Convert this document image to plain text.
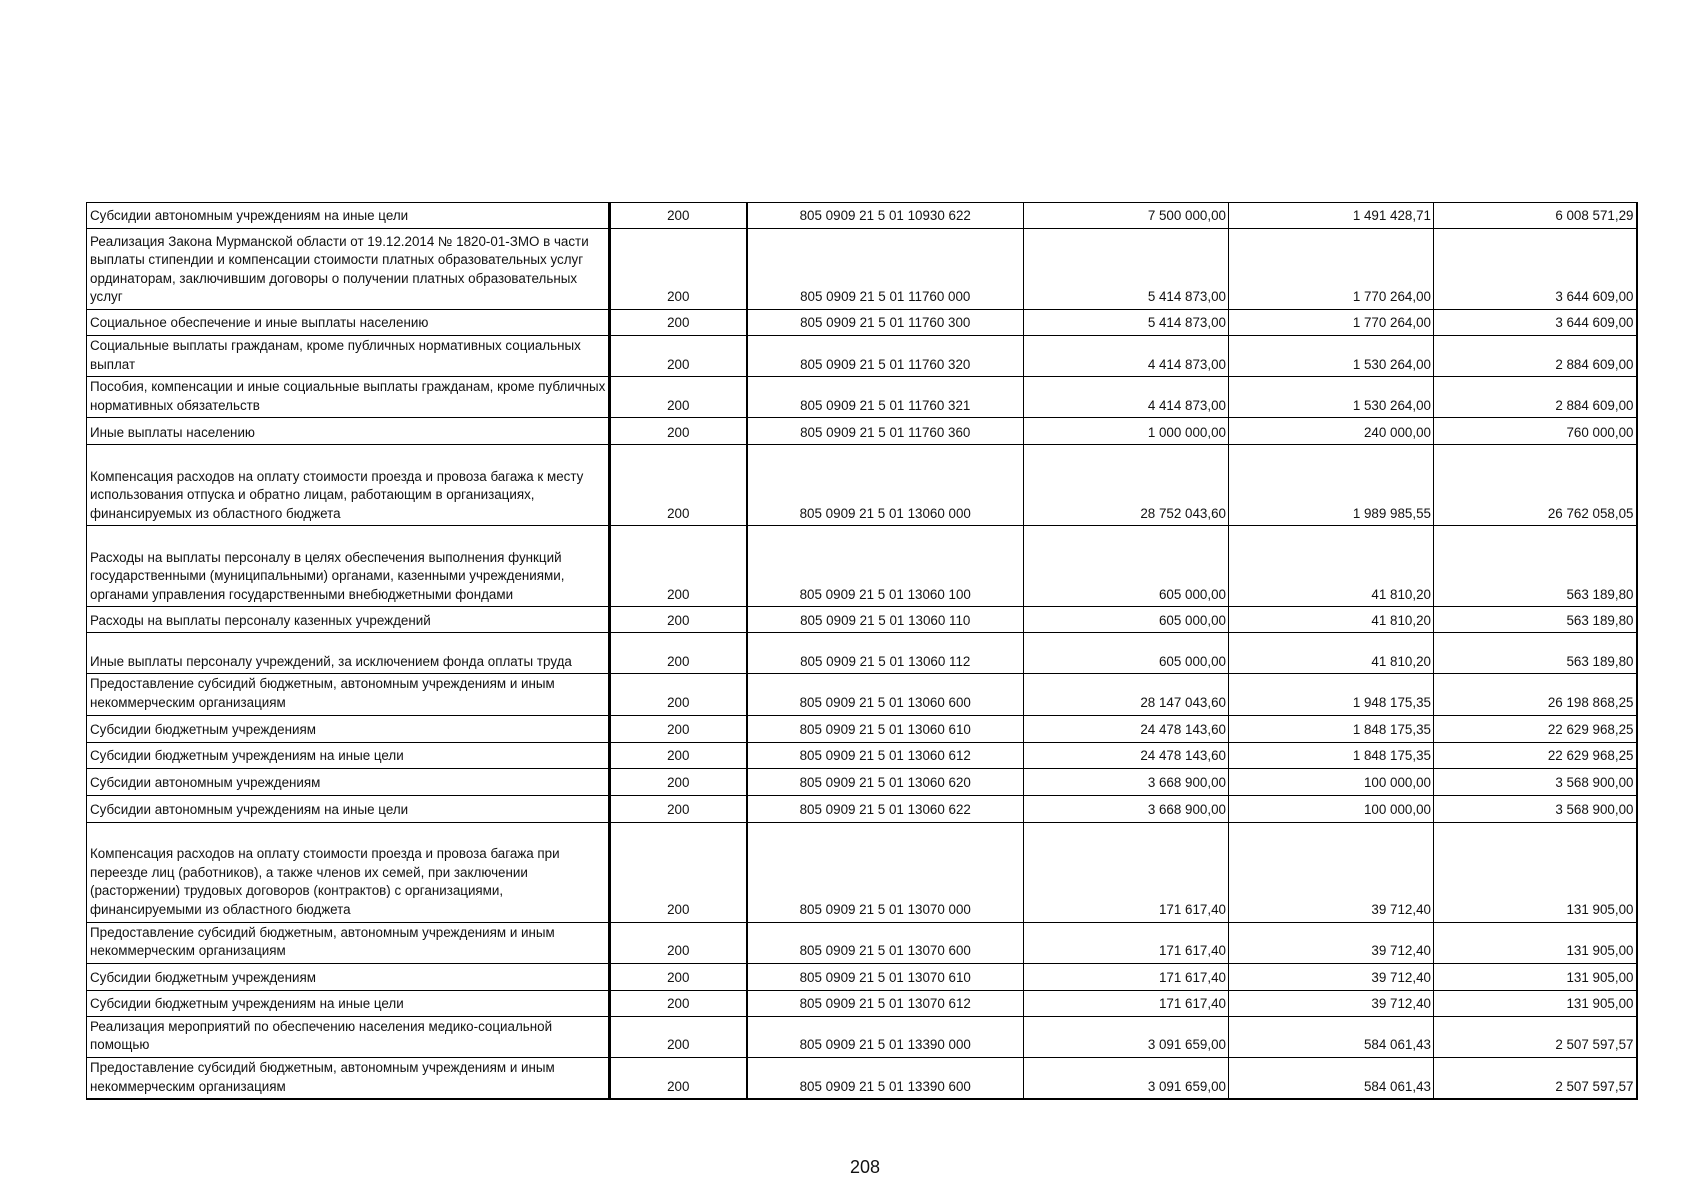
Субсидии автономным учреждениям на иные цели	200	805 0909 21 5 01 10930 622	7 500 000,00	1 491 428,71	6 008 571,29
Реализация Закона Мурманской области от 19.12.2014 № 1820-01-ЗМО в части выплаты стипендии и компенсации стоимости платных образовательных услуг ординаторам, заключившим договоры о получении платных образовательных услуг	200	805 0909 21 5 01 11760 000	5 414 873,00	1 770 264,00	3 644 609,00
Социальное обеспечение и иные выплаты населению	200	805 0909 21 5 01 11760 300	5 414 873,00	1 770 264,00	3 644 609,00
Социальные выплаты гражданам, кроме публичных нормативных социальных выплат	200	805 0909 21 5 01 11760 320	4 414 873,00	1 530 264,00	2 884 609,00
Пособия, компенсации и иные социальные выплаты гражданам, кроме публичных нормативных обязательств	200	805 0909 21 5 01 11760 321	4 414 873,00	1 530 264,00	2 884 609,00
Иные выплаты населению	200	805 0909 21 5 01 11760 360	1 000 000,00	240 000,00	760 000,00
Компенсация расходов на оплату стоимости проезда и провоза багажа к месту использования отпуска и обратно лицам, работающим в организациях, финансируемых из областного бюджета	200	805 0909 21 5 01 13060 000	28 752 043,60	1 989 985,55	26 762 058,05
Расходы на выплаты персоналу в целях обеспечения выполнения функций государственными (муниципальными) органами, казенными учреждениями, органами управления государственными внебюджетными фондами	200	805 0909 21 5 01 13060 100	605 000,00	41 810,20	563 189,80
Расходы на выплаты персоналу казенных учреждений	200	805 0909 21 5 01 13060 110	605 000,00	41 810,20	563 189,80
Иные выплаты персоналу учреждений, за исключением фонда оплаты труда	200	805 0909 21 5 01 13060 112	605 000,00	41 810,20	563 189,80
Предоставление субсидий бюджетным, автономным учреждениям и иным некоммерческим организациям	200	805 0909 21 5 01 13060 600	28 147 043,60	1 948 175,35	26 198 868,25
Субсидии бюджетным учреждениям	200	805 0909 21 5 01 13060 610	24 478 143,60	1 848 175,35	22 629 968,25
Субсидии бюджетным учреждениям на иные цели	200	805 0909 21 5 01 13060 612	24 478 143,60	1 848 175,35	22 629 968,25
Субсидии автономным учреждениям	200	805 0909 21 5 01 13060 620	3 668 900,00	100 000,00	3 568 900,00
Субсидии автономным учреждениям на иные цели	200	805 0909 21 5 01 13060 622	3 668 900,00	100 000,00	3 568 900,00
Компенсация расходов на оплату стоимости проезда и провоза багажа при переезде лиц (работников), а также членов их семей, при заключении (расторжении) трудовых договоров (контрактов) с организациями, финансируемыми из областного бюджета	200	805 0909 21 5 01 13070 000	171 617,40	39 712,40	131 905,00
Предоставление субсидий бюджетным, автономным учреждениям и иным некоммерческим организациям	200	805 0909 21 5 01 13070 600	171 617,40	39 712,40	131 905,00
Субсидии бюджетным учреждениям	200	805 0909 21 5 01 13070 610	171 617,40	39 712,40	131 905,00
Субсидии бюджетным учреждениям на иные цели	200	805 0909 21 5 01 13070 612	171 617,40	39 712,40	131 905,00
Реализация мероприятий по обеспечению населения медико-социальной помощью	200	805 0909 21 5 01 13390 000	3 091 659,00	584 061,43	2 507 597,57
Предоставление субсидий бюджетным, автономным учреждениям и иным некоммерческим организациям	200	805 0909 21 5 01 13390 600	3 091 659,00	584 061,43	2 507 597,57
208
